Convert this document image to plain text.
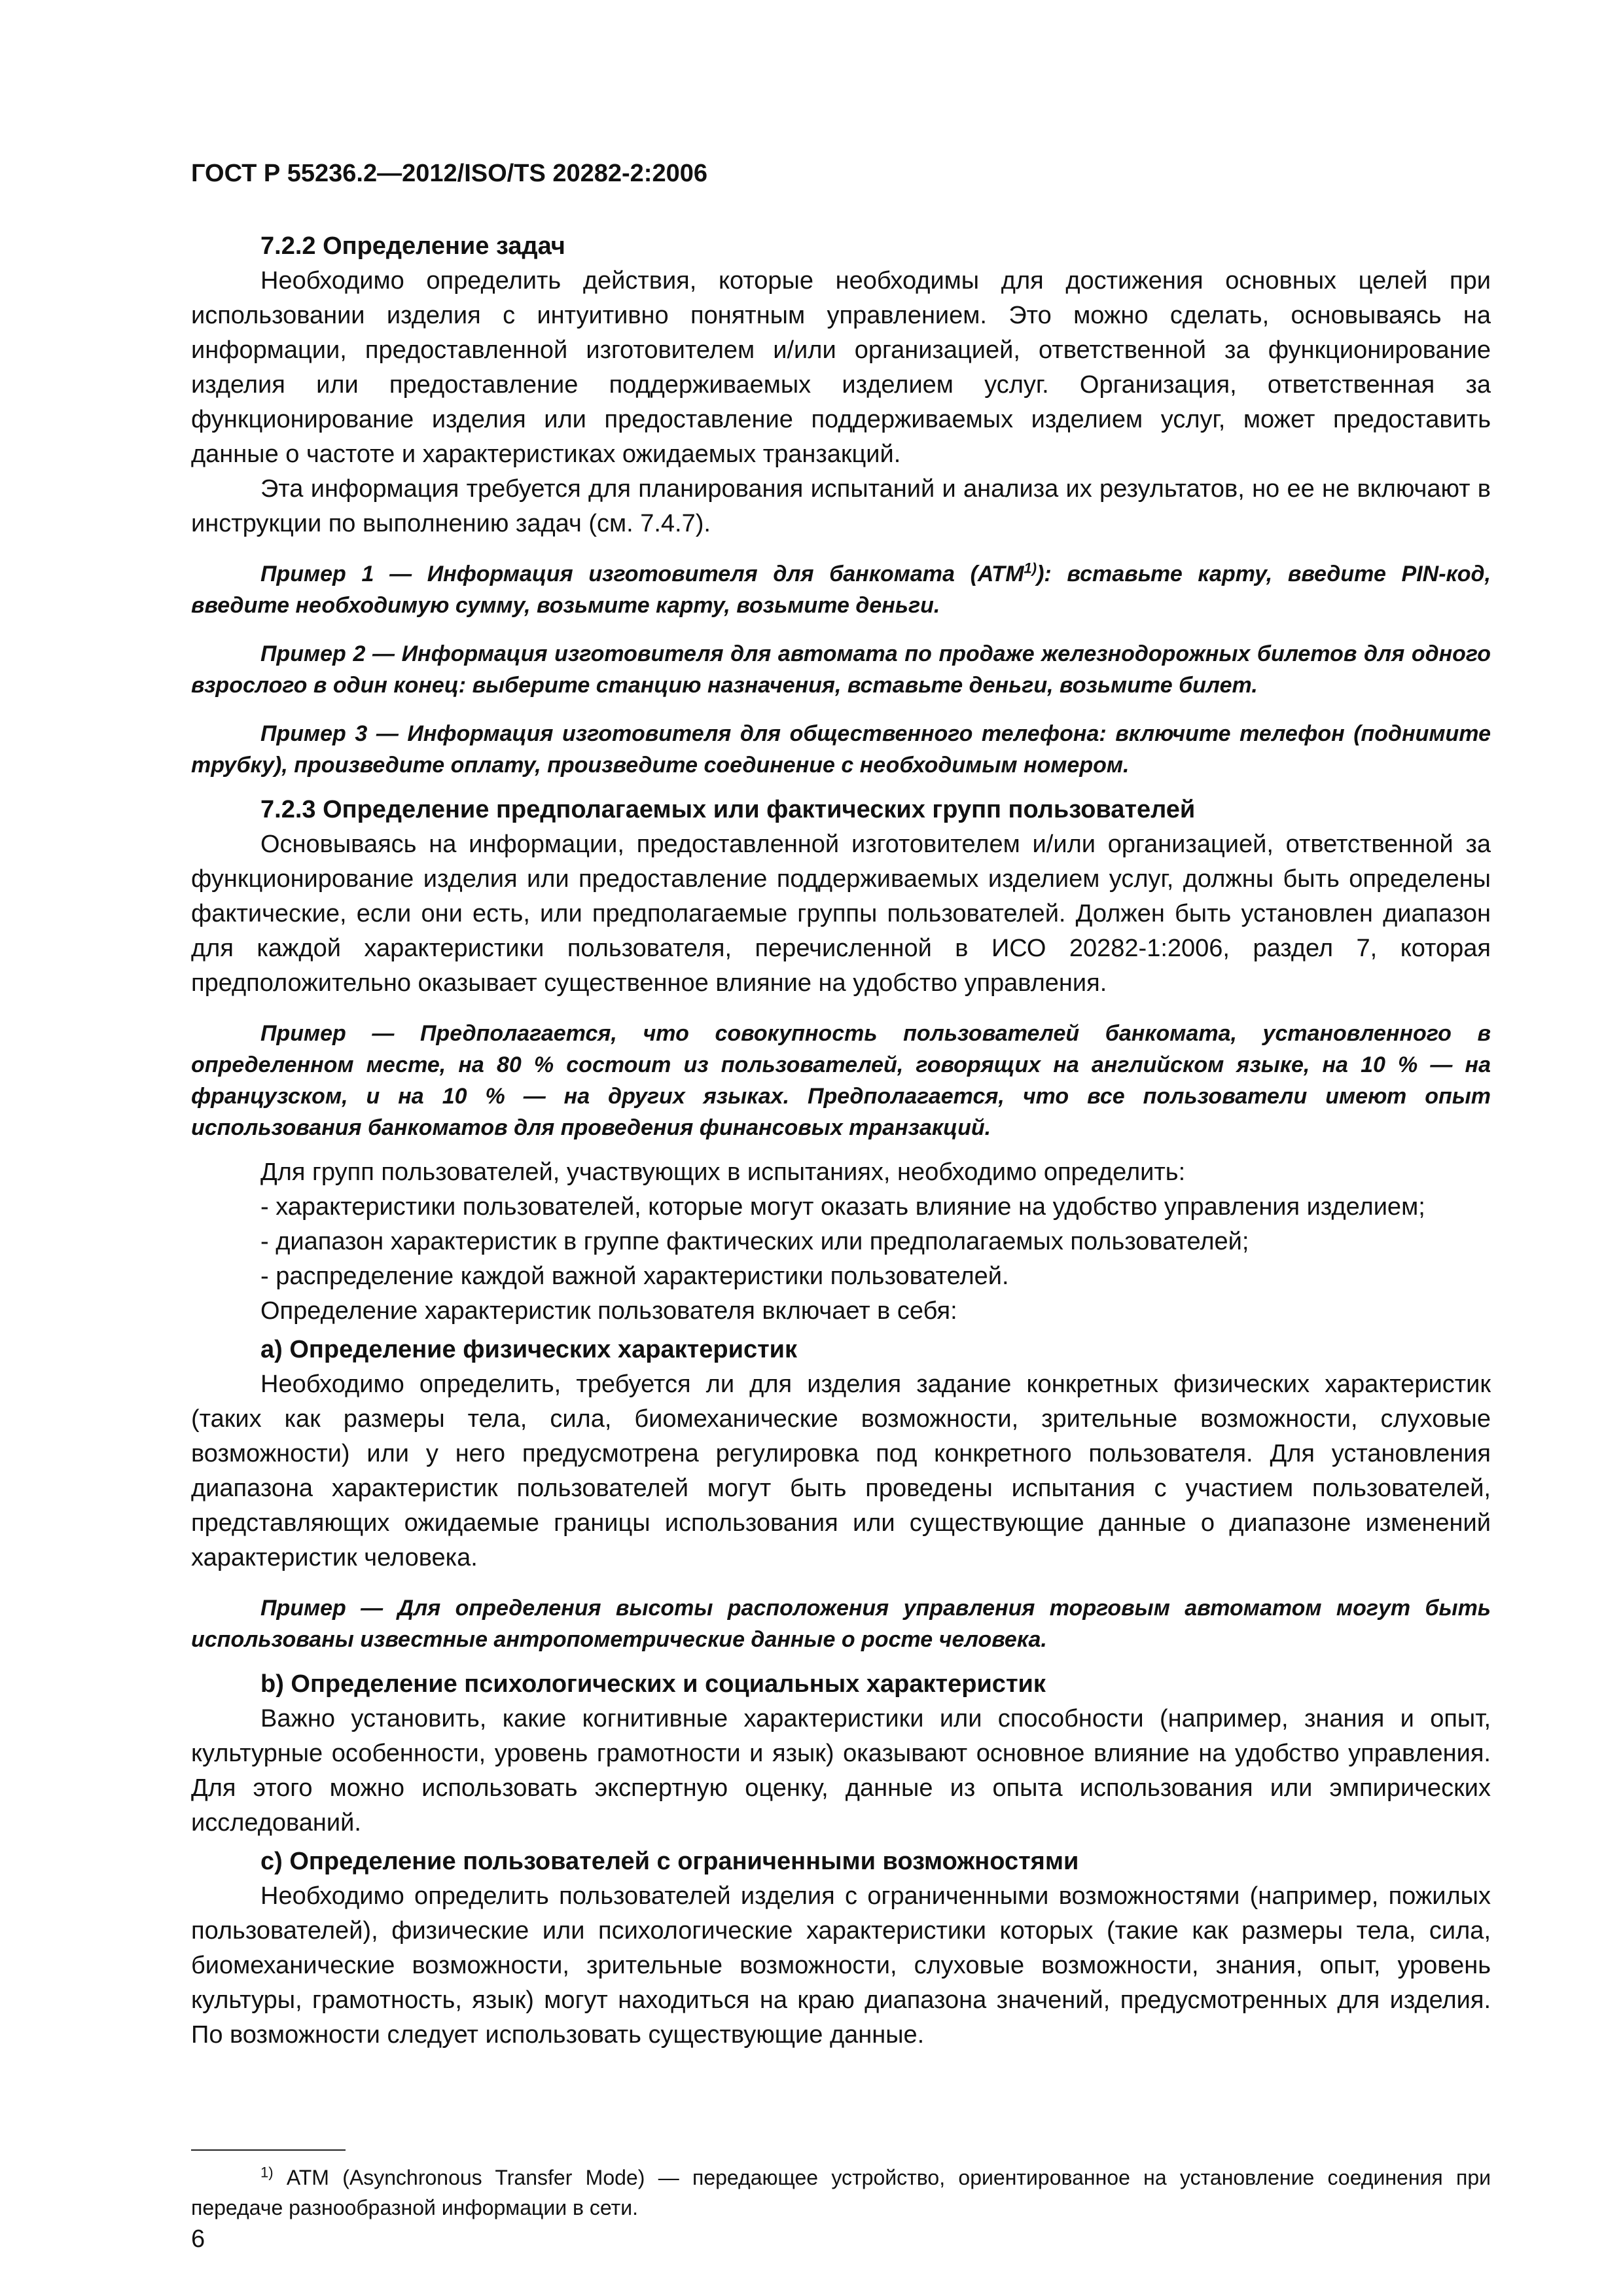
ГОСТ Р 55236.2—2012/ISO/TS 20282-2:2006

7.2.2 Определение задач

Необходимо определить действия, которые необходимы для достижения основных целей при использовании изделия с интуитивно понятным управлением. Это можно сделать, основываясь на информации, предоставленной изготовителем и/или организацией, ответственной за функционирование изделия или предоставление поддерживаемых изделием услуг. Организация, ответственная за функционирование изделия или предоставление поддерживаемых изделием услуг, может предоставить данные о частоте и характеристиках ожидаемых транзакций.

Эта информация требуется для планирования испытаний и анализа их результатов, но ее не включают в инструкции по выполнению задач (см. 7.4.7).

Пример 1 — Информация изготовителя для банкомата (АТМ$^{1)}$): вставьте карту, введите PIN-код, введите необходимую сумму, возьмите карту, возьмите деньги.

Пример 2 — Информация изготовителя для автомата по продаже железнодорожных билетов для одного взрослого в один конец: выберите станцию назначения, вставьте деньги, возьмите билет.

Пример 3 — Информация изготовителя для общественного телефона: включите телефон (поднимите трубку), произведите оплату, произведите соединение с необходимым номером.

7.2.3 Определение предполагаемых или фактических групп пользователей

Основываясь на информации, предоставленной изготовителем и/или организацией, ответственной за функционирование изделия или предоставление поддерживаемых изделием услуг, должны быть определены фактические, если они есть, или предполагаемые группы пользователей. Должен быть установлен диапазон для каждой характеристики пользователя, перечисленной в ИСО 20282-1:2006, раздел 7, которая предположительно оказывает существенное влияние на удобство управления.

Пример — Предполагается, что совокупность пользователей банкомата, установленного в определенном месте, на 80 % состоит из пользователей, говорящих на английском языке, на 10 % — на французском, и на 10 % — на других языках. Предполагается, что все пользователи имеют опыт использования банкоматов для проведения финансовых транзакций.

Для групп пользователей, участвующих в испытаниях, необходимо определить:

- характеристики пользователей, которые могут оказать влияние на удобство управления изделием;

- диапазон характеристик в группе фактических или предполагаемых пользователей;

- распределение каждой важной характеристики пользователей.

Определение характеристик пользователя включает в себя:

a) Определение физических характеристик

Необходимо определить, требуется ли для изделия задание конкретных физических характеристик (таких как размеры тела, сила, биомеханические возможности, зрительные возможности, слуховые возможности) или у него предусмотрена регулировка под конкретного пользователя. Для установления диапазона характеристик пользователей могут быть проведены испытания с участием пользователей, представляющих ожидаемые границы использования или существующие данные о диапазоне изменений характеристик человека.

Пример — Для определения высоты расположения управления торговым автоматом могут быть использованы известные антропометрические данные о росте человека.

b) Определение психологических и социальных характеристик

Важно установить, какие когнитивные характеристики или способности (например, знания и опыт, культурные особенности, уровень грамотности и язык) оказывают основное влияние на удобство управления. Для этого можно использовать экспертную оценку, данные из опыта использования или эмпирических исследований.

c) Определение пользователей с ограниченными возможностями

Необходимо определить пользователей изделия с ограниченными возможностями (например, пожилых пользователей), физические или психологические характеристики которых (такие как размеры тела, сила, биомеханические возможности, зрительные возможности, слуховые возможности, знания, опыт, уровень культуры, грамотность, язык) могут находиться на краю диапазона значений, предусмотренных для изделия. По возможности следует использовать существующие данные.

$^{1)}$ АТМ (Asynchronous Transfer Mode) — передающее устройство, ориентированное на установление соединения при передаче разнообразной информации в сети.

6
